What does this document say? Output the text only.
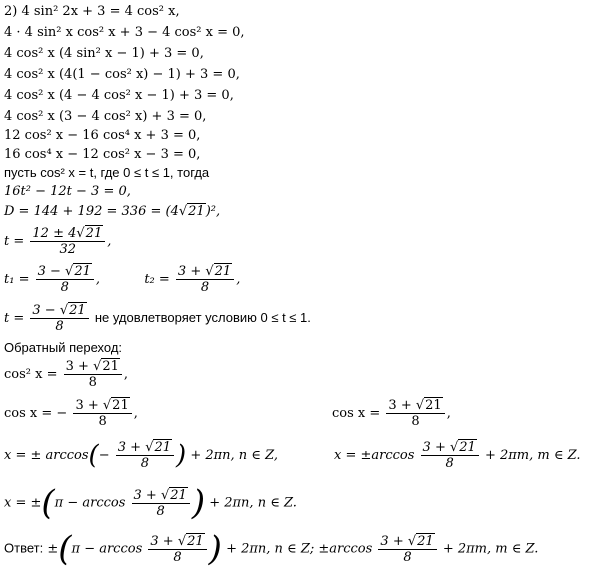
2) 4 sin² 2x + 3 = 4 cos² x,
4 · 4 sin² x cos² x + 3 − 4 cos² x = 0,
4 cos² x (4 sin² x − 1) + 3 = 0,
4 cos² x (4(1 − cos² x) − 1) + 3 = 0,
4 cos² x (4 − 4 cos² x − 1) + 3 = 0,
4 cos² x (3 − 4 cos² x) + 3 = 0,
12 cos² x − 16 cos⁴ x + 3 = 0,
16 cos⁴ x − 12 cos² x − 3 = 0,
пусть cos² x = t, где 0 ≤ t ≤ 1, тогда
16t² − 12t − 3 = 0,
D = 144 + 192 = 336 = (4√21)²,
$t = \frac{12 \pm 4√21}{32}$ ,
$t_1 = \frac{3 - √21}{8}$ ,	$t_2 = \frac{3 + √21}{8}$ ,
$t = \frac{3 - √21}{8}$ не удовлетворяет условию 0 ≤ t ≤ 1.
Обратный переход:
cos² $x = \frac{3 + √21}{8}$ ,
cos x = − $\frac{3 + √21}{8}$ ,	$\cos x = \frac{3 + √21}{8}$ ,
x = ± $\arccos(- \frac{3 + √21}{8}$ ) + 2πn, n ∈ Z,	$x = \pm\arccos \frac{3 + √21}{8} + 2\pi m$, m ∈ Z.
$x = \pm(\pi - \arccos \frac{3 + √21}{8}$ ) + 2πn, n ∈ Z.
Ответ: $\pm(\pi - \arccos \frac{3 + √21}{8}$ ) + 2πn, n ∈ Z; $\pm\arccos \frac{3 + √21}{8} + 2\pi m$, m ∈ Z.
